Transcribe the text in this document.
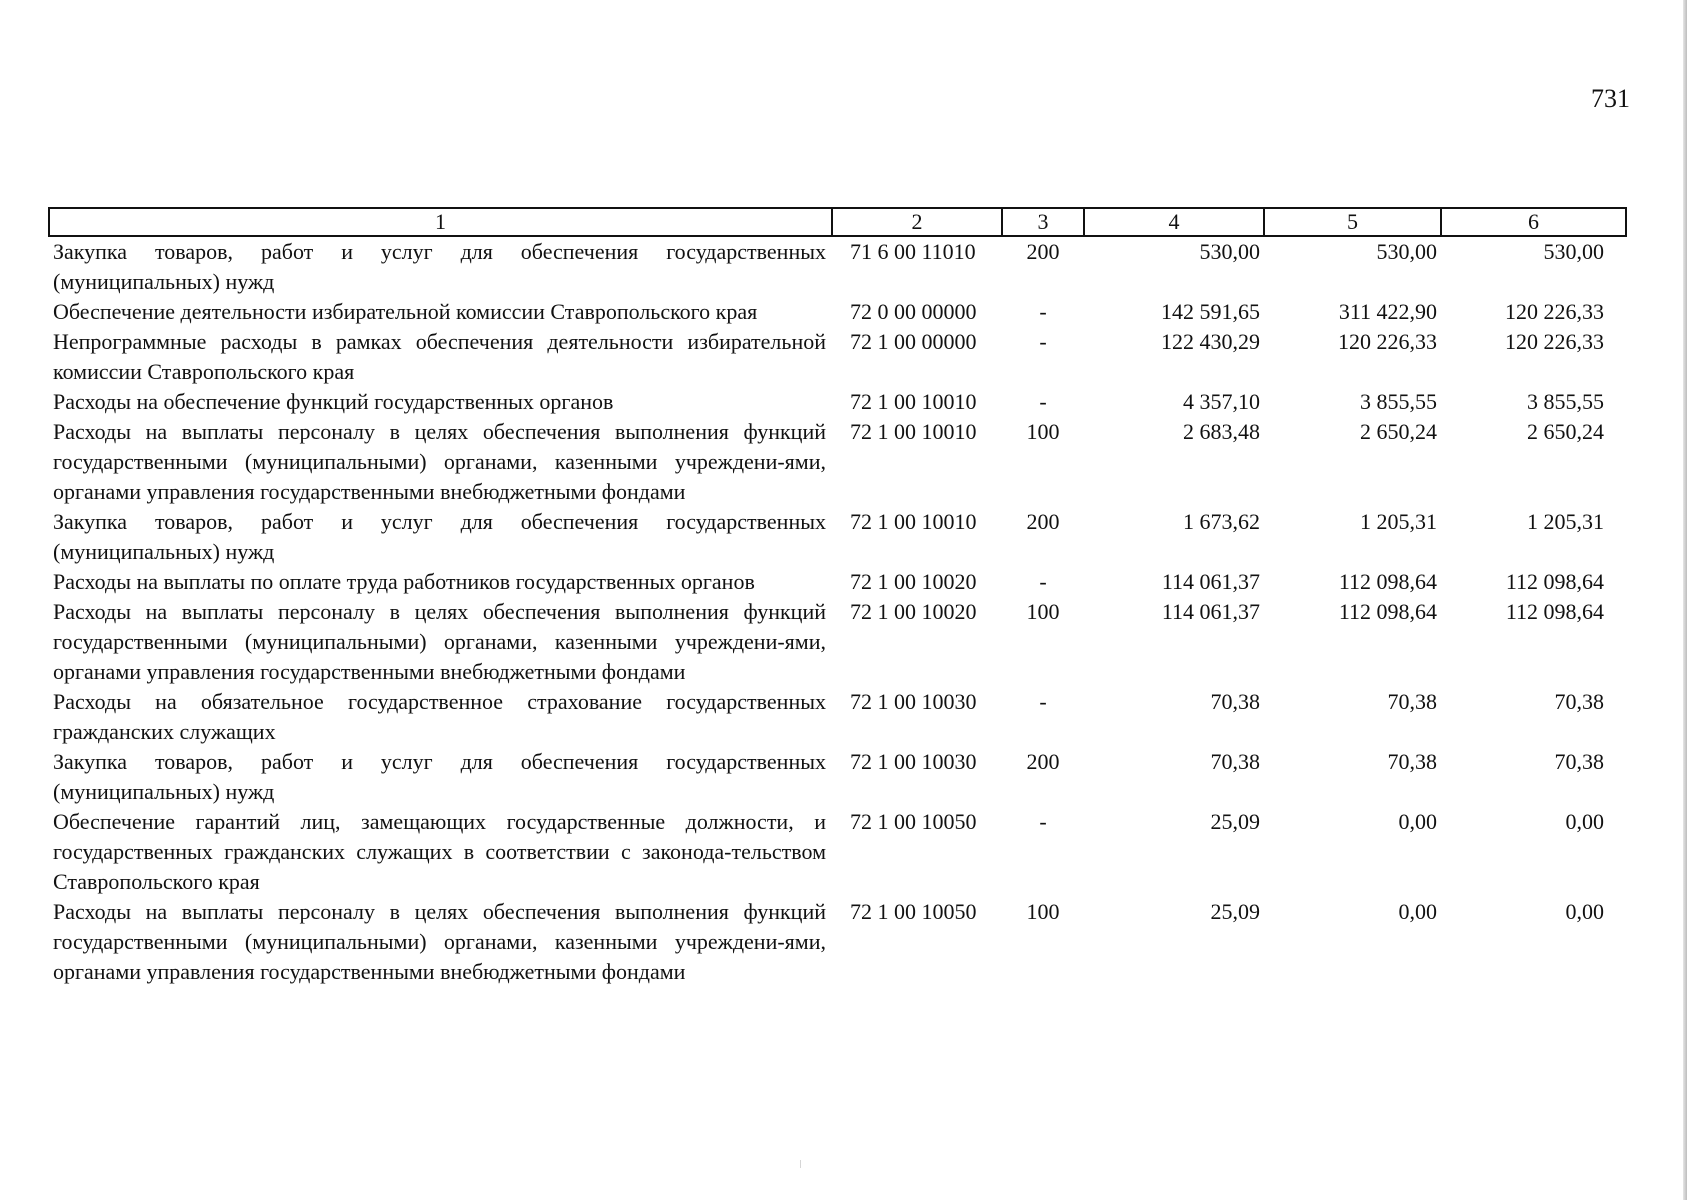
731
1	2	3	4	5	6
Закупка товаров, работ и услуг для обеспечения государственных (муниципальных) нужд	71 6 00 11010	200	530,00	530,00	530,00
Обеспечение деятельности избирательной комиссии Ставропольского края	72 0 00 00000	-	142 591,65	311 422,90	120 226,33
Непрограммные расходы в рамках обеспечения деятельности избирательной комиссии Ставропольского края	72 1 00 00000	-	122 430,29	120 226,33	120 226,33
Расходы на обеспечение функций государственных органов	72 1 00 10010	-	4 357,10	3 855,55	3 855,55
Расходы на выплаты персоналу в целях обеспечения выполнения функций государственными (муниципальными) органами, казенными учреждени-ями, органами управления государственными внебюджетными фондами	72 1 00 10010	100	2 683,48	2 650,24	2 650,24
Закупка товаров, работ и услуг для обеспечения государственных (муниципальных) нужд	72 1 00 10010	200	1 673,62	1 205,31	1 205,31
Расходы на выплаты по оплате труда работников государственных органов	72 1 00 10020	-	114 061,37	112 098,64	112 098,64
Расходы на выплаты персоналу в целях обеспечения выполнения функций государственными (муниципальными) органами, казенными учреждени-ями, органами управления государственными внебюджетными фондами	72 1 00 10020	100	114 061,37	112 098,64	112 098,64
Расходы на обязательное государственное страхование государственных гражданских служащих	72 1 00 10030	-	70,38	70,38	70,38
Закупка товаров, работ и услуг для обеспечения государственных (муниципальных) нужд	72 1 00 10030	200	70,38	70,38	70,38
Обеспечение гарантий лиц, замещающих государственные должности, и государственных гражданских служащих в соответствии с законода-тельством Ставропольского края	72 1 00 10050	-	25,09	0,00	0,00
Расходы на выплаты персоналу в целях обеспечения выполнения функций государственными (муниципальными) органами, казенными учреждени-ями, органами управления государственными внебюджетными фондами	72 1 00 10050	100	25,09	0,00	0,00
